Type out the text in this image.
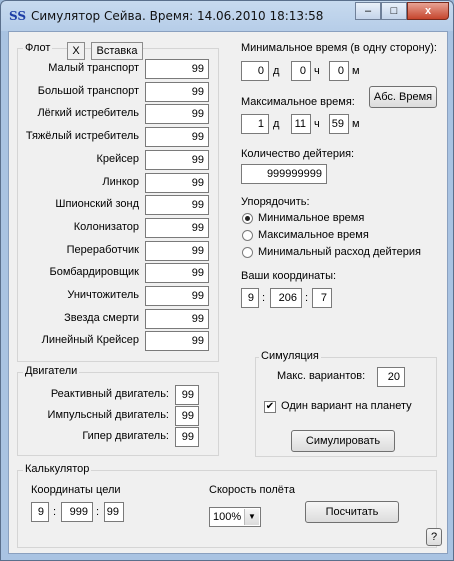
SS Симулятор Сейва. Время: 14.06.2010 18:13:58	–	□	x
Флот	X	Вставка
Малый транспорт	99
Большой транспорт	99
Лёгкий истребитель	99
Тяжёлый истребитель	99
Крейсер	99
Линкор	99
Шпионский зонд	99
Колонизатор	99
Переработчик	99
Бомбардировщик	99
Уничтожитель	99
Звезда смерти	99
Линейный Крейсер	99
Двигатели
Реактивный двигатель:	99
Импульсный двигатель:	99
Гипер двигатель:	99
Минимальное время (в одну сторону):
0 д	0 ч	0 м
Максимальное время:	Абс. Время
1 д	11 ч 59 м
Количество дейтерия:
999999999
Упорядочить:
Минимальное время
Максимальное время
Минимальный расход дейтерия
Ваши координаты:
9 :	206 :	7
Симуляция
Макс. вариантов:	20
✔ Один вариант на планету
Симулировать
Калькулятор
Координаты цели
9 :	999 : 99
Скорость полёта
100% ▼	Посчитать
?
